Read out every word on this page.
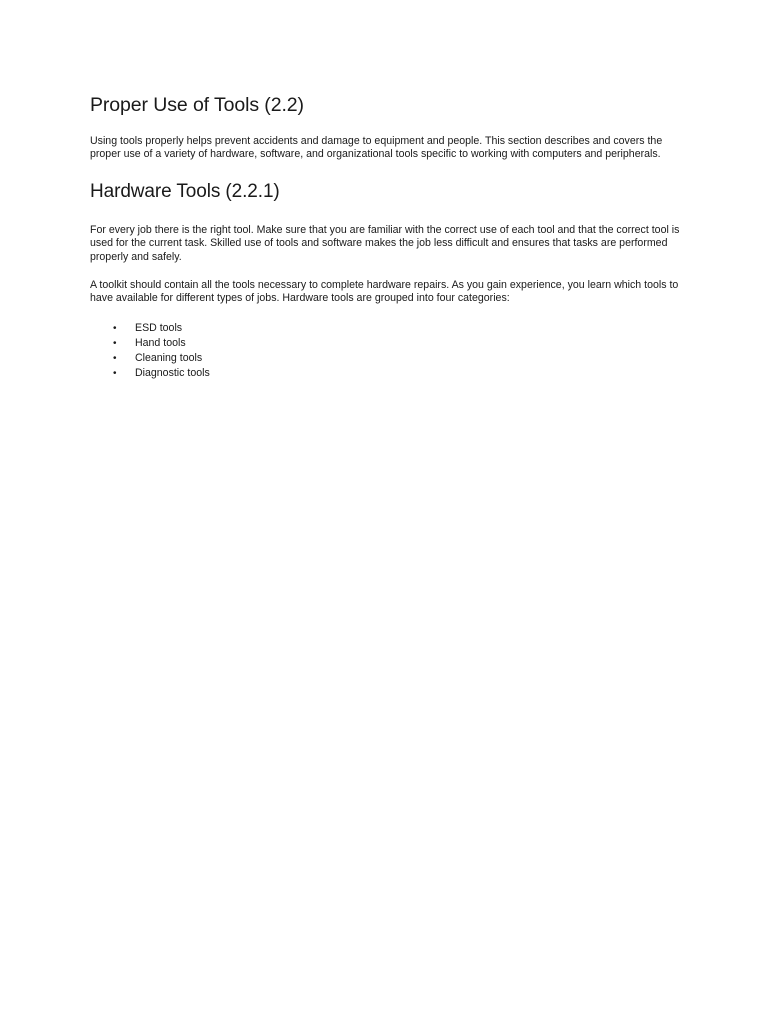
Proper Use of Tools (2.2)

Using tools properly helps prevent accidents and damage to equipment and people. This section describes and covers the proper use of a variety of hardware, software, and organizational tools specific to working with computers and peripherals.

Hardware Tools (2.2.1)

For every job there is the right tool. Make sure that you are familiar with the correct use of each tool and that the correct tool is used for the current task. Skilled use of tools and software makes the job less difficult and ensures that tasks are performed properly and safely.

A toolkit should contain all the tools necessary to complete hardware repairs. As you gain experience, you learn which tools to have available for different types of jobs. Hardware tools are grouped into four categories:

• ESD tools
• Hand tools
• Cleaning tools
• Diagnostic tools
